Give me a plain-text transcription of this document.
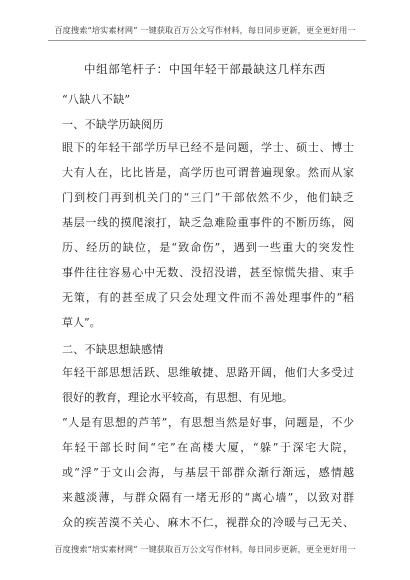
百度搜索“培实素材网” 一键获取百万公文写作材料，每日同步更新，更全更好用一
中组部笔杆子：中国年轻干部最缺这几样东西
“八缺八不缺”
一、不缺学历缺阅历
眼下的年轻干部学历早已经不是问题，学士、硕士、博士
大有人在，比比皆是，高学历也可谓普遍现象。然而从家
门到校门再到机关门的“三门”干部依然不少，他们缺乏
基层一线的摸爬滚打，缺乏急难险重事件的不断历练，阅
历、经历的缺位，是“致命伤”，遇到一些重大的突发性
事件往往容易心中无数、没招没谱，甚至惊慌失措、束手
无策，有的甚至成了只会处理文件而不善处理事件的“稻
草人”。
二、不缺思想缺感情
年轻干部思想活跃、思维敏捷、思路开阔，他们大多受过
很好的教育，理论水平较高，有思想、有见地。
“人是有思想的芦苇”，有思想当然是好事，问题是，不少
年轻干部长时间“宅”在高楼大厦，“躲”于深宅大院，
或“浮”于文山会海，与基层干部群众渐行渐远，感情越
来越淡薄，与群众隔有一堵无形的“离心墙”，以致对群
众的疾苦漠不关心、麻木不仁，视群众的冷暖与己无关、
百度搜索“培实素材网” 一键获取百万公文写作材料，每日同步更新，更全更好用一
